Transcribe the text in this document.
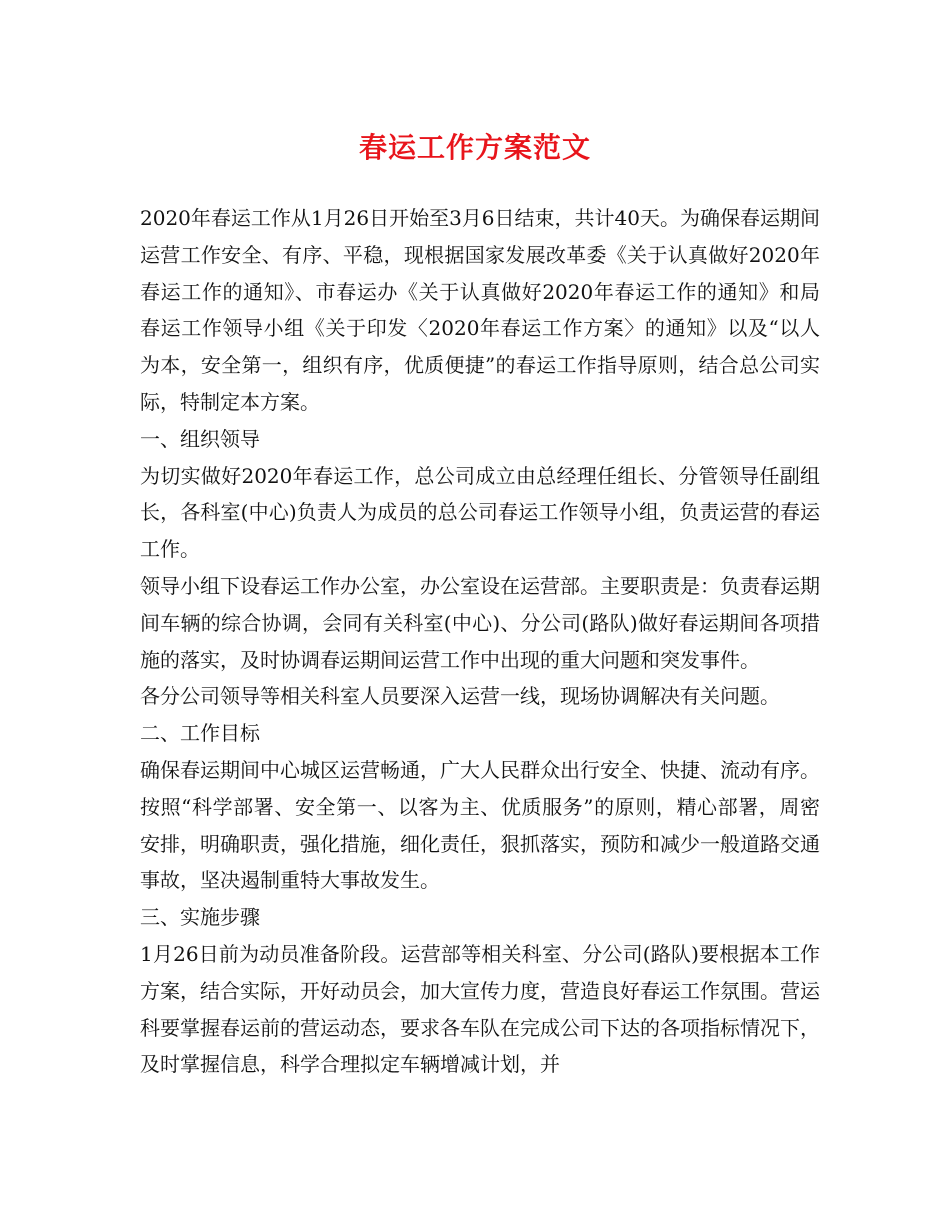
春运工作方案范文

2020年春运工作从1月26日开始至3月6日结束，共计40天。为确保春运期间运营工作安全、有序、平稳，现根据国家发展改革委《关于认真做好2020年春运工作的通知》、市春运办《关于认真做好2020年春运工作的通知》和局春运工作领导小组《关于印发〈2020年春运工作方案〉的通知》以及“以人为本，安全第一，组织有序，优质便捷”的春运工作指导原则，结合总公司实际，特制定本方案。

一、组织领导

为切实做好2020年春运工作，总公司成立由总经理任组长、分管领导任副组长，各科室(中心)负责人为成员的总公司春运工作领导小组，负责运营的春运工作。

领导小组下设春运工作办公室，办公室设在运营部。主要职责是：负责春运期间车辆的综合协调，会同有关科室(中心)、分公司(路队)做好春运期间各项措施的落实，及时协调春运期间运营工作中出现的重大问题和突发事件。

各分公司领导等相关科室人员要深入运营一线，现场协调解决有关问题。

二、工作目标

确保春运期间中心城区运营畅通，广大人民群众出行安全、快捷、流动有序。按照“科学部署、安全第一、以客为主、优质服务”的原则，精心部署，周密安排，明确职责，强化措施，细化责任，狠抓落实，预防和减少一般道路交通事故，坚决遏制重特大事故发生。

三、实施步骤

1月26日前为动员准备阶段。运营部等相关科室、分公司(路队)要根据本工作方案，结合实际，开好动员会，加大宣传力度，营造良好春运工作氛围。营运科要掌握春运前的营运动态，要求各车队在完成公司下达的各项指标情况下，及时掌握信息，科学合理拟定车辆增减计划，并
